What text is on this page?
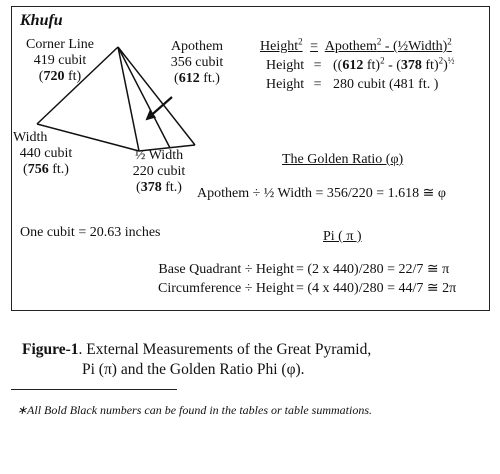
Khufu
Corner Line
419 cubit
(720 ft)
Apothem
356 cubit
(612 ft.)
Width
440 cubit
(756 ft.)
½ Width
220 cubit
(378 ft.)
Height$^2$ = Apothem$^2$ - (½Width)$^2$
Height = ((612 ft)$^2$ - (378 ft)$^2$)$^{\frac{1}{2}}$
Height = 280 cubit (481 ft. )
The Golden Ratio (φ)
Apothem ÷ ½ Width = 356/220 = 1.618 ≅ φ
One cubit = 20.63 inches	Pi ( π )
Base Quadrant ÷ Height = (2 x 440)/280 = 22/7 ≅ π
Circumference ÷ Height = (4 x 440)/280 = 44/7 ≅ 2π
Figure-1. External Measurements of the Great Pyramid,
Pi (π) and the Golden Ratio Phi (φ).
∗All Bold Black numbers can be found in the tables or table summations.
